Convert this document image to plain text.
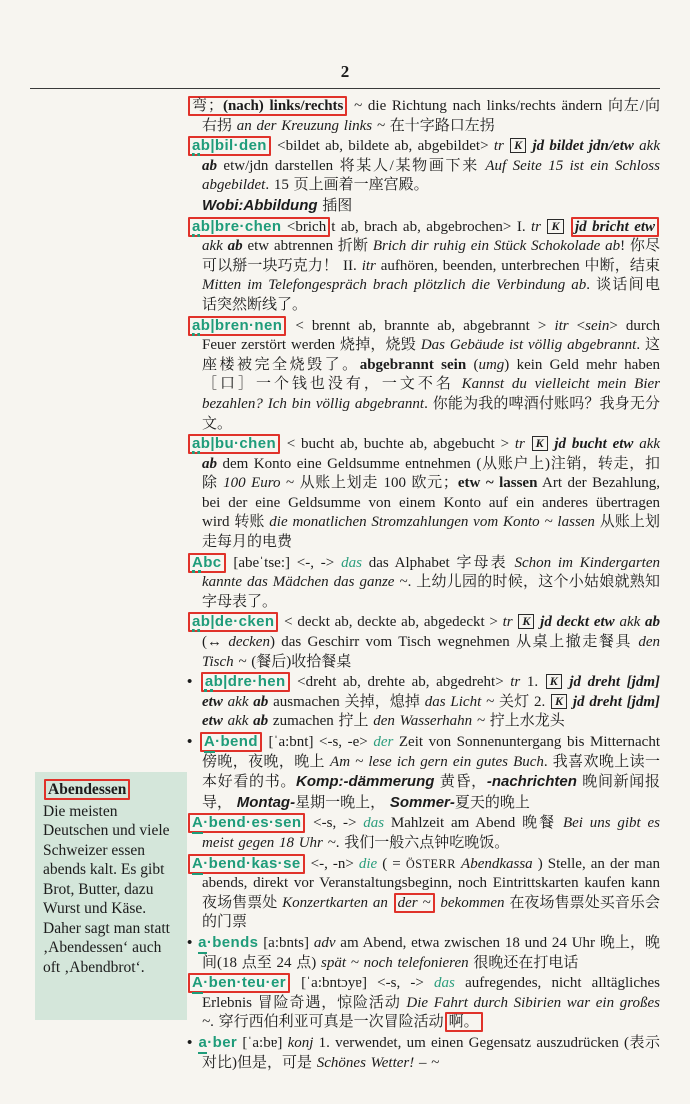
2

弯；(nach) links/rechts ~ die Richtung nach links/rechts ändern 向左/向右拐 an der Kreuzung links ~ 在十字路口左拐

ab|bil·den <bildet ab, bildete ab, abgebildet> tr K jd bildet jdn/etw akk ab etw/jdn darstellen 将某人/某物画下来 Auf Seite 15 ist ein Schloss abgebildet. 15 页上画着一座宫殿。
Wobi:Abbildung 插图

ab|bre·chen <brich t ab, brach ab, abgebrochen> I. tr K jd bricht etw akk ab etw abtrennen 折断 Brich dir ruhig ein Stück Schokolade ab! 你尽可以掰一块巧克力！ II. itr aufhören, beenden, unterbrechen 中断，结束 Mitten im Telefongespräch brach plötzlich die Verbindung ab. 谈话间电话突然断线了。

ab|bren·nen < brennt ab, brannte ab, abgebrannt > itr <sein> durch Feuer zerstört werden 烧掉，烧毁 Das Gebäude ist völlig abgebrannt. 这座楼被完全烧毁了。abgebrannt sein (umg) kein Geld mehr haben ［口］一个钱也没有，一文不名 Kannst du vielleicht mein Bier bezahlen? Ich bin völlig abgebrannt. 你能为我的啤酒付账吗？我身无分文。

ab|bu·chen < bucht ab, buchte ab, abgebucht > tr K jd bucht etw akk ab dem Konto eine Geldsumme entnehmen (从账户上)注销，转走，扣除 100 Euro ~ 从账上划走 100 欧元；etw ~ lassen Art der Bezahlung, bei der eine Geldsumme von einem Konto auf ein anderes übertragen wird 转账 die monatlichen Stromzahlungen vom Konto ~ lassen 从账上划走每月的电费

Abc [abeˈtse:] <-, -> das das Alphabet 字母表 Schon im Kindergarten kannte das Mädchen das ganze ~. 上幼儿园的时候，这个小姑娘就熟知字母表了。

ab|de·cken < deckt ab, deckte ab, abgedeckt > tr K jd deckt etw akk ab (↔ decken) das Geschirr vom Tisch wegnehmen 从桌上撤走餐具 den Tisch ~ (餐后)收拾餐桌

• ab|dre·hen <dreht ab, drehte ab, abgedreht> tr 1. K jd dreht [jdm] etw akk ab ausmachen 关掉，熄掉 das Licht ~ 关灯 2. K jd dreht [jdm] etw akk ab zumachen 拧上 den Wasserhahn ~ 拧上水龙头

• A·bend [ˈa:bnt] <-s, -e> der Zeit von Sonnenuntergang bis Mitternacht 傍晚，夜晚，晚上 Am ~ lese ich gern ein gutes Buch. 我喜欢晚上读一本好看的书。Komp:-dämmerung 黄昏，-nachrichten 晚间新闻报导， Montag-星期一晚上， Sommer-夏天的晚上

A·bend·es·sen <-s, -> das Mahlzeit am Abend 晚餐 Bei uns gibt es meist gegen 18 Uhr ~. 我们一般六点钟吃晚饭。

A·bend·kas·se <-, -n> die ( = ÖSTERR Abendkassa ) Stelle, an der man abends, direkt vor Veranstaltungsbeginn, noch Eintrittskarten kaufen kann 夜场售票处 Konzertkarten an der ~ bekommen 在夜场售票处买音乐会的门票

• a·bends [a:bnts] adv am Abend, etwa zwischen 18 und 24 Uhr 晚上，晚间(18 点至 24 点) spät ~ noch telefonieren 很晚还在打电话

A·ben·teu·er [ˈa:bntɔyɐ] <-s, -> das aufregendes, nicht alltägliches Erlebnis 冒险奇遇，惊险活动 Die Fahrt durch Sibirien war ein großes ~. 穿行西伯利亚可真是一次冒险活动 啊。

• a·ber [ˈa:bɐ] konj 1. verwendet, um einen Gegensatz auszudrücken (表示对比)但是，可是 Schönes Wetter! – ~

Abendessen
Die meisten Deutschen und viele Schweizer essen abends kalt. Es gibt Brot, Butter, dazu Wurst und Käse. Daher sagt man statt ‚Abendessen‘ auch oft ‚Abendbrot‘.
